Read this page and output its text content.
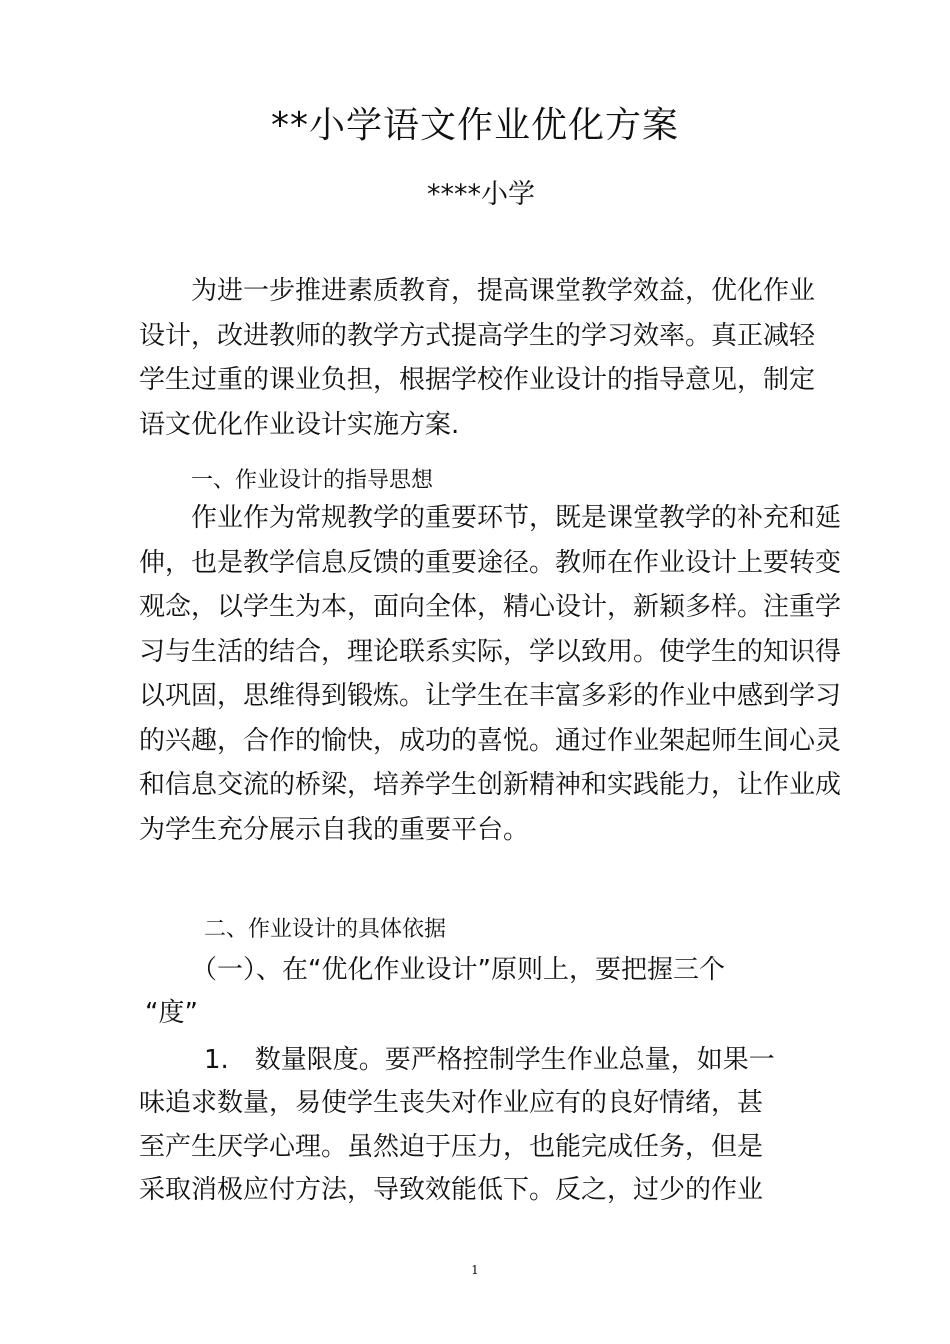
**小学语文作业优化方案
****小学
为进一步推进素质教育，提高课堂教学效益，优化作业设计，改进教师的教学方式提高学生的学习效率。真正减轻学生过重的课业负担，根据学校作业设计的指导意见，制定语文优化作业设计实施方案.
一、作业设计的指导思想
作业作为常规教学的重要环节，既是课堂教学的补充和延伸，也是教学信息反馈的重要途径。教师在作业设计上要转变观念，以学生为本，面向全体，精心设计，新颖多样。注重学习与生活的结合，理论联系实际，学以致用。使学生的知识得以巩固，思维得到锻炼。让学生在丰富多彩的作业中感到学习的兴趣，合作的愉快，成功的喜悦。通过作业架起师生间心灵和信息交流的桥梁，培养学生创新精神和实践能力，让作业成为学生充分展示自我的重要平台。
二、作业设计的具体依据
（一）、在“优化作业设计”原则上，要把握三个
“度”
1.　数量限度。要严格控制学生作业总量，如果一
味追求数量，易使学生丧失对作业应有的良好情绪，甚
至产生厌学心理。虽然迫于压力，也能完成任务，但是
采取消极应付方法，导致效能低下。反之，过少的作业
1
